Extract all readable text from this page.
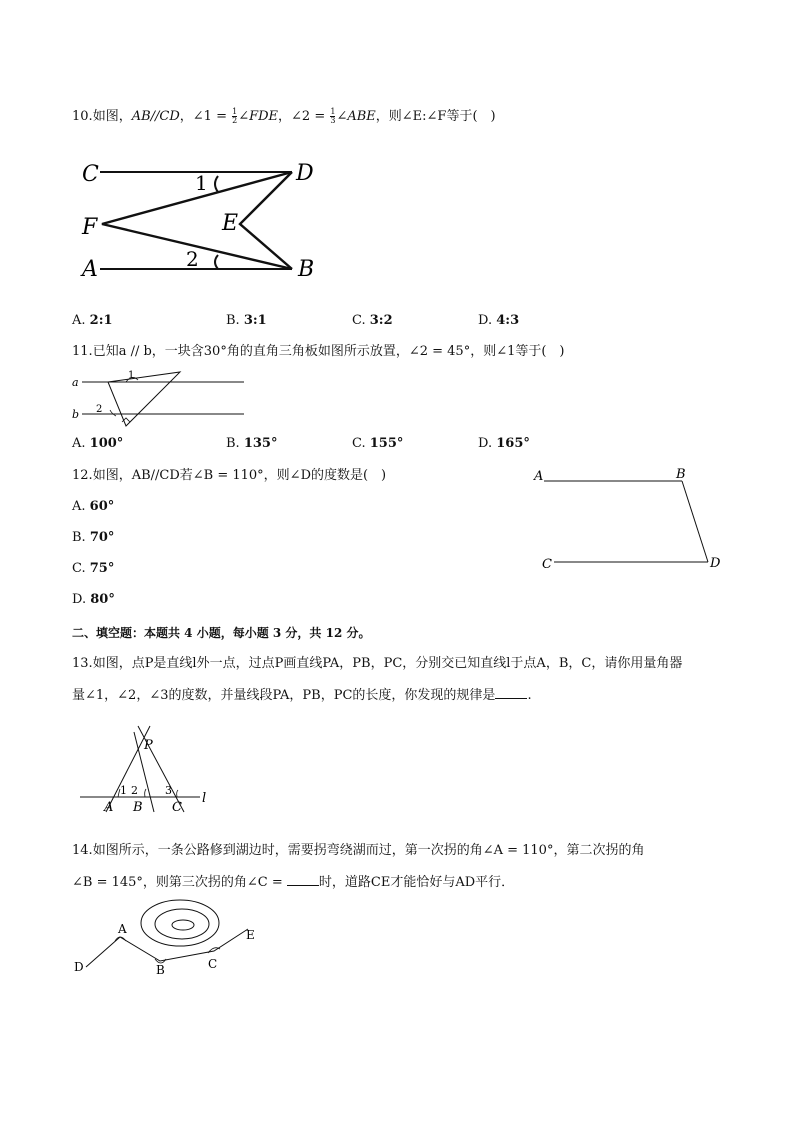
10.如图，AB//CD，∠1 = $\frac{1}{2}$ ∠FDE，∠2 = $\frac{1}{3}$ ∠ABE，则∠E:∠F等于(　)
C	D
F	E
A	B
1
2
A. 2:1	B. 3:1	C. 3:2	D. 4:3
11.已知a // b，一块含30°角的直角三角板如图所示放置，∠2 = 45°，则∠1等于(　)
a
b
1
2
A. 100°	B. 135°	C. 155°	D. 165°
12.如图，AB//CD若∠B = 110°，则∠D的度数是(　)
A. 60°
B. 70°
C. 75°
D. 80°
A	B
C	D
二、填空题：本题共 4 小题，每小题 3 分，共 12 分。
13.如图，点P是直线l外一点，过点P画直线PA，PB，PC，分别交已知直线l于点A，B，C，请你用量角器
量∠1，∠2，∠3的度数，并量线段PA，PB，PC的长度，你发现的规律是 .
P
A B C
l
1 2 3
14.如图所示，一条公路修到湖边时，需要拐弯绕湖而过，第一次拐的角∠A = 110°，第二次拐的角
∠B = 145°，则第三次拐的角∠C = 时，道路CE才能恰好与AD平行．
A
B	C
D
E
